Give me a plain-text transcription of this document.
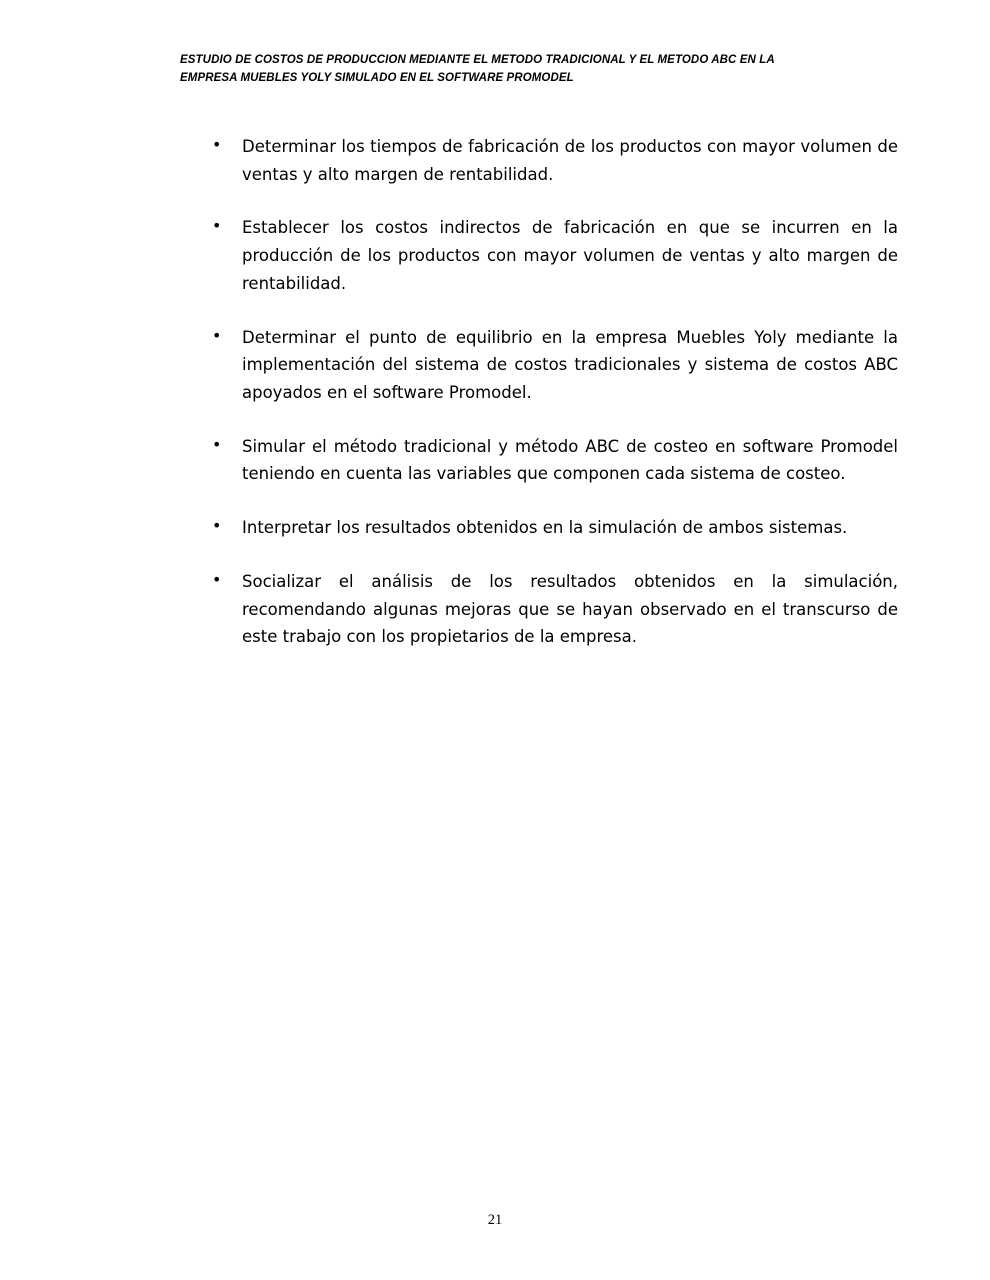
ESTUDIO DE COSTOS DE PRODUCCION MEDIANTE EL METODO TRADICIONAL Y EL METODO ABC EN LA
EMPRESA MUEBLES YOLY SIMULADO EN EL SOFTWARE PROMODEL
• Determinar los tiempos de fabricación de los productos con mayor volumen de ventas y alto margen de rentabilidad.
• Establecer los costos indirectos de fabricación en que se incurren en la producción de los productos con mayor volumen de ventas y alto margen de rentabilidad.
• Determinar el punto de equilibrio en la empresa Muebles Yoly mediante la implementación del sistema de costos tradicionales y sistema de costos ABC apoyados en el software Promodel.
• Simular el método tradicional y método ABC de costeo en software Promodel teniendo en cuenta las variables que componen cada sistema de costeo.
• Interpretar los resultados obtenidos en la simulación de ambos sistemas.
• Socializar el análisis de los resultados obtenidos en la simulación, recomendando algunas mejoras que se hayan observado en el transcurso de este trabajo con los propietarios de la empresa.
21
